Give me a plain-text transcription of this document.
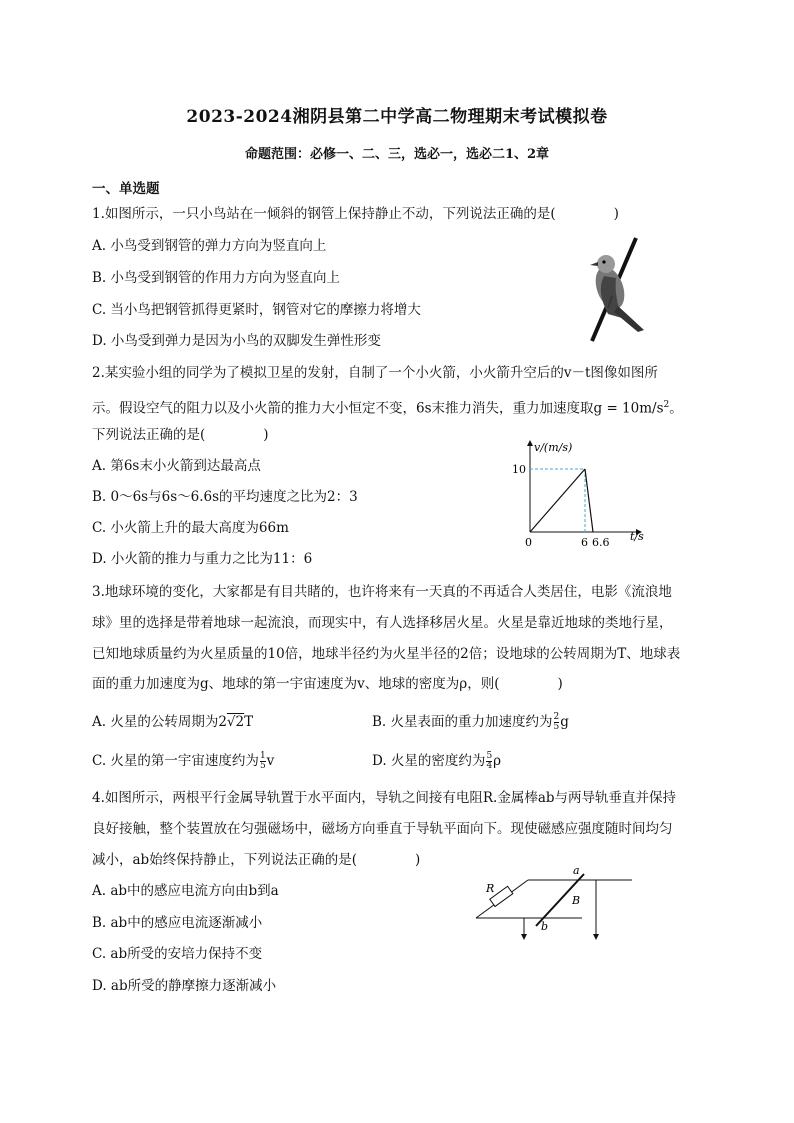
2023-2024湘阴县第二中学高二物理期末考试模拟卷
命题范围：必修一、二、三，选必一，选必二1、2章
一、单选题
1.如图所示，一只小鸟站在一倾斜的钢管上保持静止不动，下列说法正确的是(	)
A. 小鸟受到钢管的弹力方向为竖直向上
B. 小鸟受到钢管的作用力方向为竖直向上
C. 当小鸟把钢管抓得更紧时，钢管对它的摩擦力将增大
D. 小鸟受到弹力是因为小鸟的双脚发生弹性形变
2.某实验小组的同学为了模拟卫星的发射，自制了一个小火箭，小火箭升空后的v－t图像如图所
示。假设空气的阻力以及小火箭的推力大小恒定不变，6s末推力消失，重力加速度取$g = 10m/s^2$。
下列说法正确的是(	)
A. 第6s末小火箭到达最高点
B. 0～6s与6s～6.6s的平均速度之比为2：3
C. 小火箭上升的最大高度为66m
D. 小火箭的推力与重力之比为11：6
v/(m/s)
10
0	6 6.6 t/s
3.地球环境的变化，大家都是有目共睹的，也许将来有一天真的不再适合人类居住，电影《流浪地
球》里的选择是带着地球一起流浪，而现实中，有人选择移居火星。火星是靠近地球的类地行星，
已知地球质量约为火星质量的10倍，地球半径约为火星半径的2倍；设地球的公转周期为T、地球表
面的重力加速度为g、地球的第一宇宙速度为v、地球的密度为ρ，则(	)
A. 火星的公转周期为2√2T	B. 火星表面的重力加速度约为 $\frac{2}{5}$ g
C. 火星的第一宇宙速度约为 $\frac{1}{5}$ v	D. 火星的密度约为 $\frac{5}{4}$ ρ
4.如图所示，两根平行金属导轨置于水平面内，导轨之间接有电阻R.金属棒ab与两导轨垂直并保持
良好接触，整个装置放在匀强磁场中，磁场方向垂直于导轨平面向下。现使磁感应强度随时间均匀
减小，ab始终保持静止，下列说法正确的是(	)
A. ab中的感应电流方向由b到a
B. ab中的感应电流逐渐减小
C. ab所受的安培力保持不变
D. ab所受的静摩擦力逐渐减小
R
a
b
B
